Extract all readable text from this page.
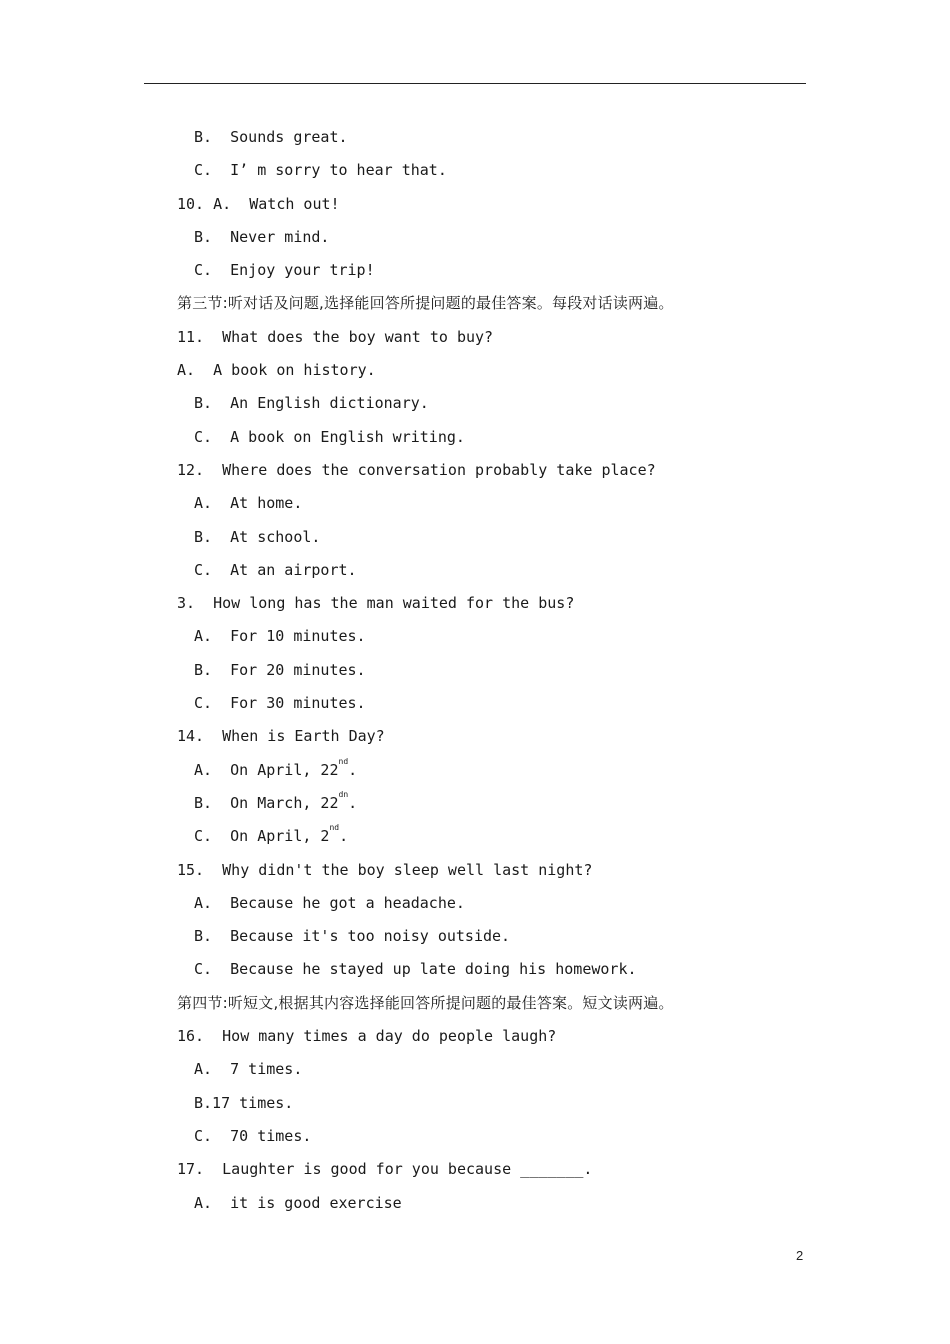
B.  Sounds great.
C.  I’ m sorry to hear that.
10. A.  Watch out!
B.  Never mind.
C.  Enjoy your trip!
第三节:听对话及问题,选择能回答所提问题的最佳答案。每段对话读两遍。
11.  What does the boy want to buy?
A.  A book on history.
B.  An English dictionary.
C.  A book on English writing.
12.  Where does the conversation probably take place?
A.  At home.
B.  At school.
C.  At an airport.
3.  How long has the man waited for the bus?
A.  For 10 minutes.
B.  For 20 minutes.
C.  For 30 minutes.
14.  When is Earth Day?
A.  On April, 22nd.
B.  On March, $22^{dn}$.
C.  On April, 2nd.
15.  Why didn't the boy sleep well last night?
A.  Because he got a headache.
B.  Because it's too noisy outside.
C.  Because he stayed up late doing his homework.
第四节:听短文,根据其内容选择能回答所提问题的最佳答案。短文读两遍。
16.  How many times a day do people laugh?
A.  7 times.
B.17 times.
C.  70 times.
17.  Laughter is good for you because _______.
A.  it is good exercise
2
